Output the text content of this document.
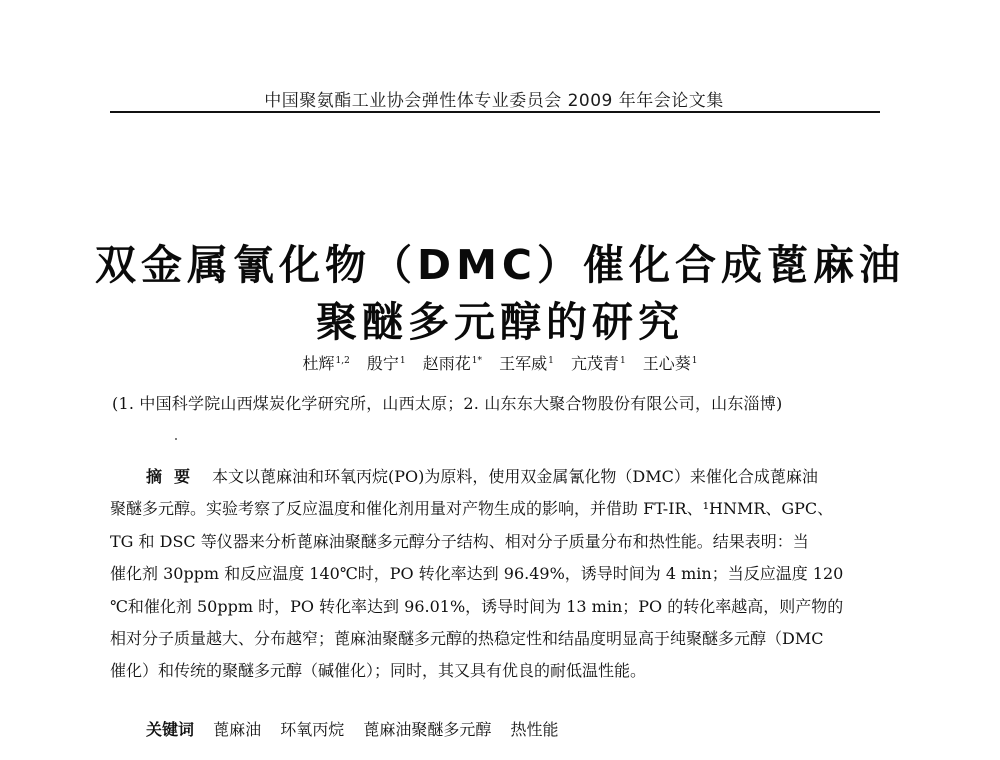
中国聚氨酯工业协会弹性体专业委员会 2009 年年会论文集
双金属氰化物（DMC）催化合成蓖麻油
聚醚多元醇的研究
杜辉$^{1,2}$ 殷宁$^1$ 赵雨花$^{1*}$ 王军威$^1$ 亢茂青$^1$ 王心葵$^1$
(1. 中国科学院山西煤炭化学研究所，山西太原；2. 山东东大聚合物股份有限公司，山东淄博)
摘要 本文以蓖麻油和环氧丙烷(PO)为原料，使用双金属氰化物（DMC）来催化合成蓖麻油
聚醚多元醇。实验考察了反应温度和催化剂用量对产物生成的影响，并借助 FT-IR、¹HNMR、GPC、
TG 和 DSC 等仪器来分析蓖麻油聚醚多元醇分子结构、相对分子质量分布和热性能。结果表明：当
催化剂 30ppm 和反应温度 140℃时，PO 转化率达到 96.49%，诱导时间为 4 min；当反应温度 120
℃和催化剂 50ppm 时，PO 转化率达到 96.01%，诱导时间为 13 min；PO 的转化率越高，则产物的
相对分子质量越大、分布越窄；蓖麻油聚醚多元醇的热稳定性和结晶度明显高于纯聚醚多元醇（DMC
催化）和传统的聚醚多元醇（碱催化）；同时，其又具有优良的耐低温性能。
关键词 蓖麻油 环氧丙烷 蓖麻油聚醚多元醇 热性能
